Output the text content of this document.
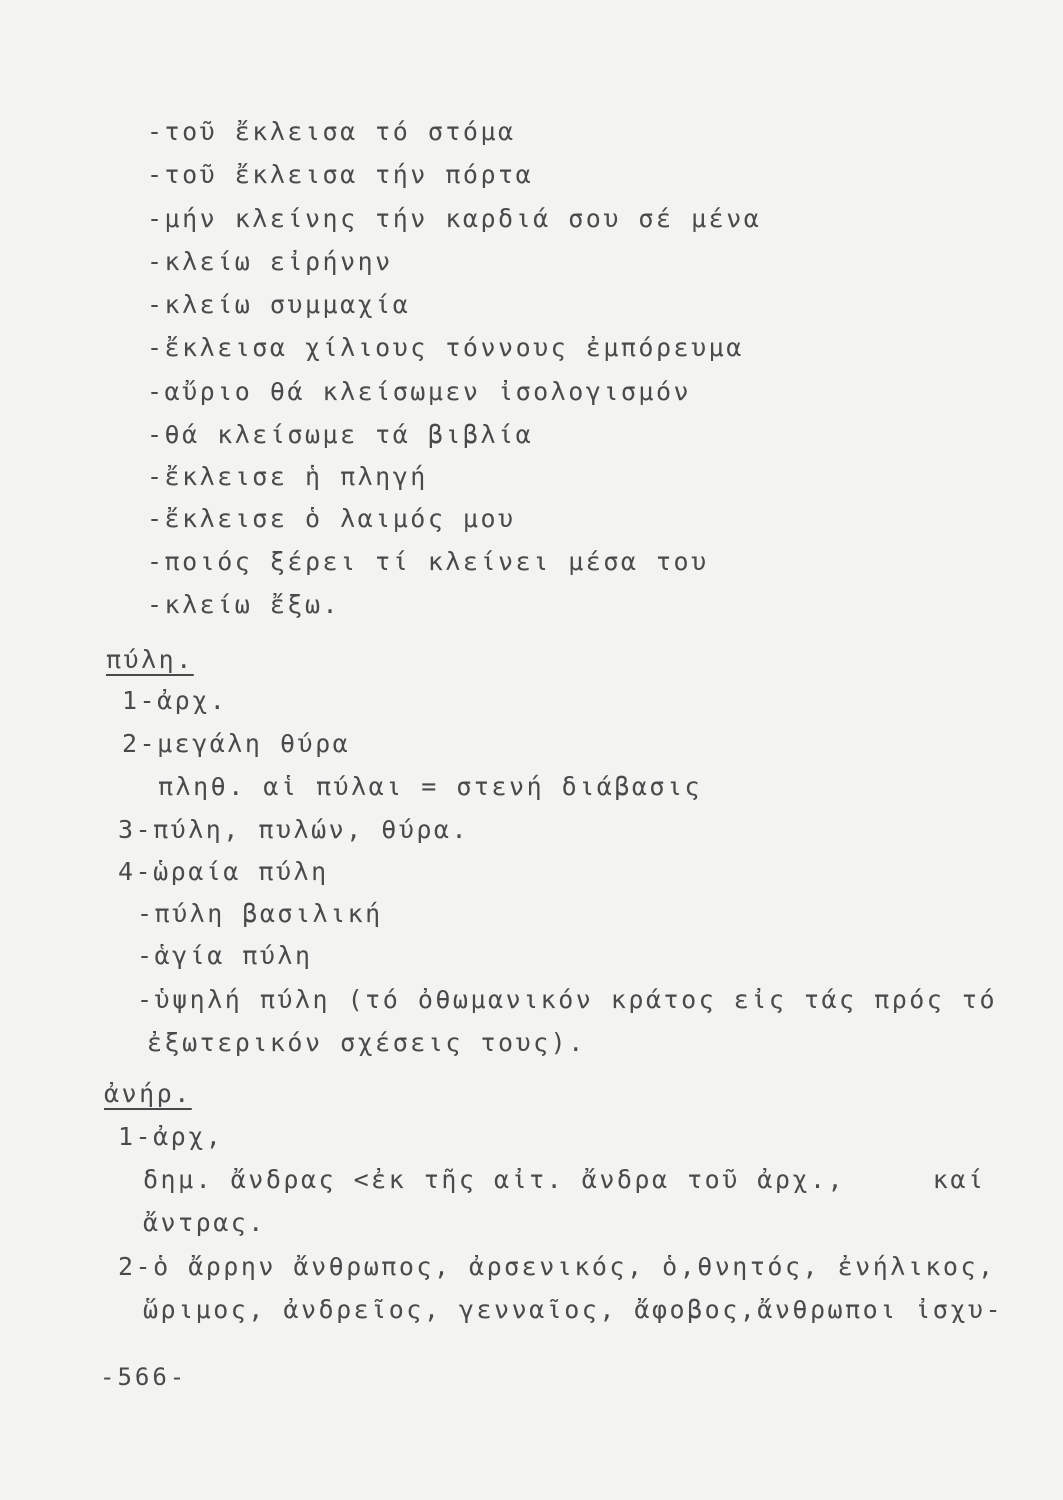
-τοῦ ἔκλεισα τό στόμα
-τοῦ ἔκλεισα τήν πόρτα
-μήν κλείνης τήν καρδιά σου σέ μένα
-κλείω εἰρήνην
-κλείω συμμαχία
-ἔκλεισα χίλιους τόννους ἐμπόρευμα
-αὔριο θά κλείσωμεν ἰσολογισμόν
-θά κλείσωμε τά βιβλία
-ἔκλεισε ἡ πληγή
-ἔκλεισε ὁ λαιμός μου
-ποιός ξέρει τί κλείνει μέσα του
-κλείω ἔξω.
πύλη.
1-ἀρχ.
2-μεγάλη θύρα
πληθ. αἱ πύλαι = στενή διάβασις
3-πύλη, πυλών, θύρα.
4-ὡραία πύλη
-πύλη βασιλική
-ἁγία πύλη
-ὑψηλή πύλη (τό ὀθωμανικόν κράτος εἰς τάς πρός τό
ἐξωτερικόν σχέσεις τους).
ἀνήρ.
1-ἀρχ,
δημ. ἄνδρας <ἐκ τῆς αἰτ. ἄνδρα τοῦ ἀρχ.,     καί
ἄντρας.
2-ὁ ἄρρην ἄνθρωπος, ἀρσενικός, ὁ,θνητός, ἐνήλικος,
ὥριμος, ἀνδρεῖος, γενναῖος, ἄφοβος,ἄνθρωποι ἰσχυ-
-566-
